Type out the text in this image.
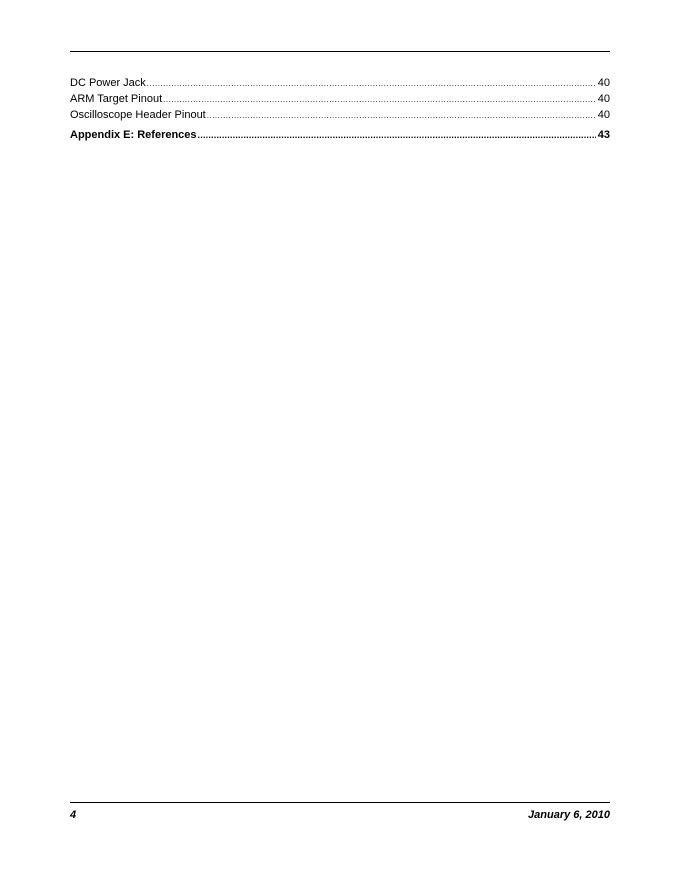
DC Power Jack .....	40
ARM Target Pinout .....	40
Oscilloscope Header Pinout .....	40
Appendix E: References .....	43
4	January 6, 2010
